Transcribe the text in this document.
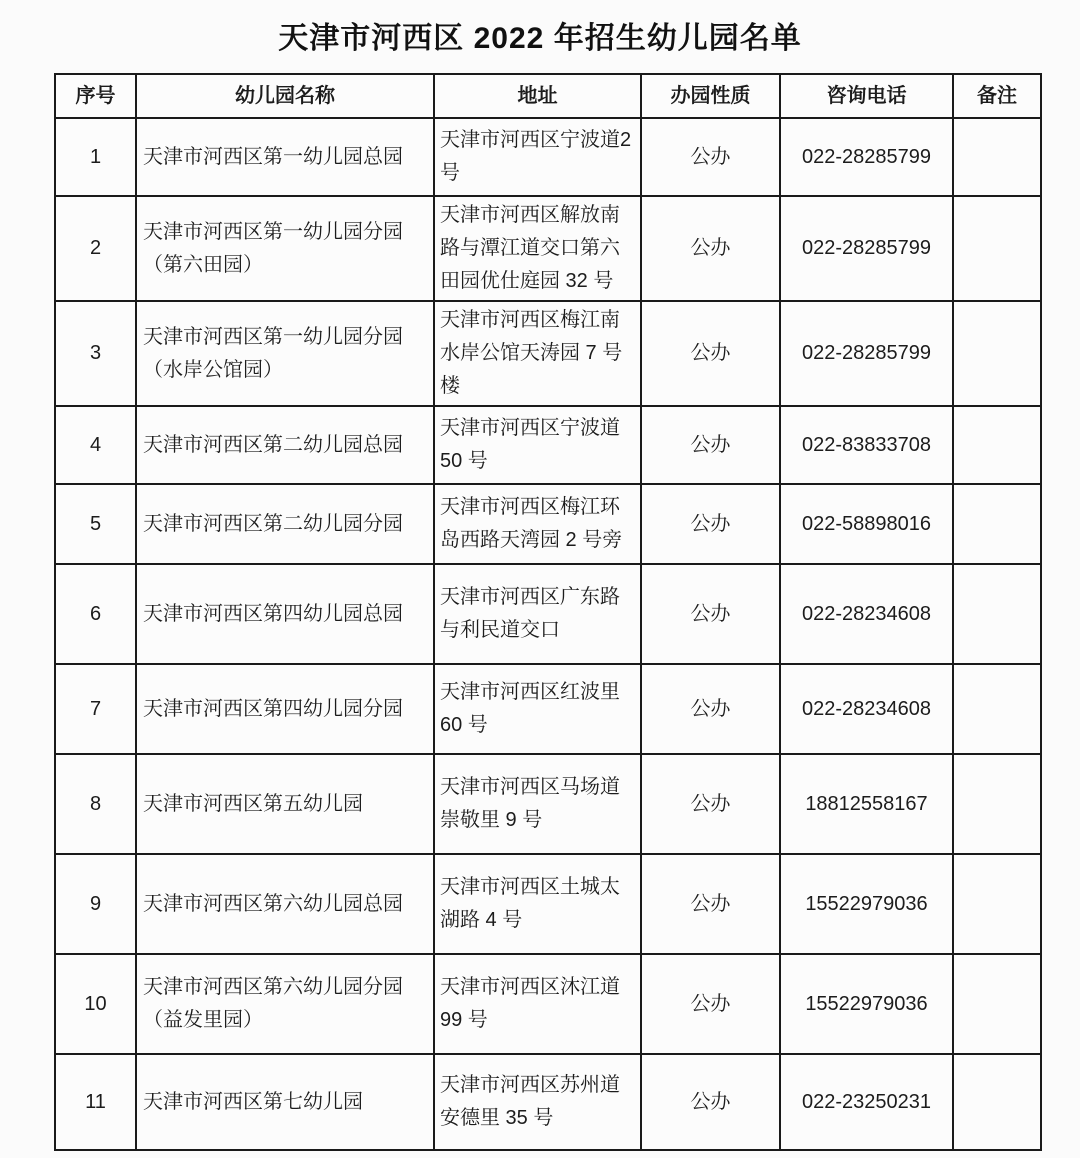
天津市河西区 2022 年招生幼儿园名单
序号	幼儿园名称	地址	办园性质	咨询电话	备注
1	天津市河西区第一幼儿园总园	天津市河西区宁波道2 号	公办	022-28285799	
2	天津市河西区第一幼儿园分园 （第六田园）	天津市河西区解放南路与潭江道交口第六田园优仕庭园 32 号	公办	022-28285799	
3	天津市河西区第一幼儿园分园 （水岸公馆园）	天津市河西区梅江南水岸公馆天涛园 7 号楼	公办	022-28285799	
4	天津市河西区第二幼儿园总园	天津市河西区宁波道50 号	公办	022-83833708	
5	天津市河西区第二幼儿园分园	天津市河西区梅江环岛西路天湾园 2 号旁	公办	022-58898016	
6	天津市河西区第四幼儿园总园	天津市河西区广东路与利民道交口	公办	022-28234608	
7	天津市河西区第四幼儿园分园	天津市河西区红波里60 号	公办	022-28234608	
8	天津市河西区第五幼儿园	天津市河西区马场道崇敬里 9 号	公办	18812558167	
9	天津市河西区第六幼儿园总园	天津市河西区土城太湖路 4 号	公办	15522979036	
10	天津市河西区第六幼儿园分园 （益发里园）	天津市河西区沐江道99 号	公办	15522979036	
11	天津市河西区第七幼儿园	天津市河西区苏州道安德里 35 号	公办	022-23250231	
